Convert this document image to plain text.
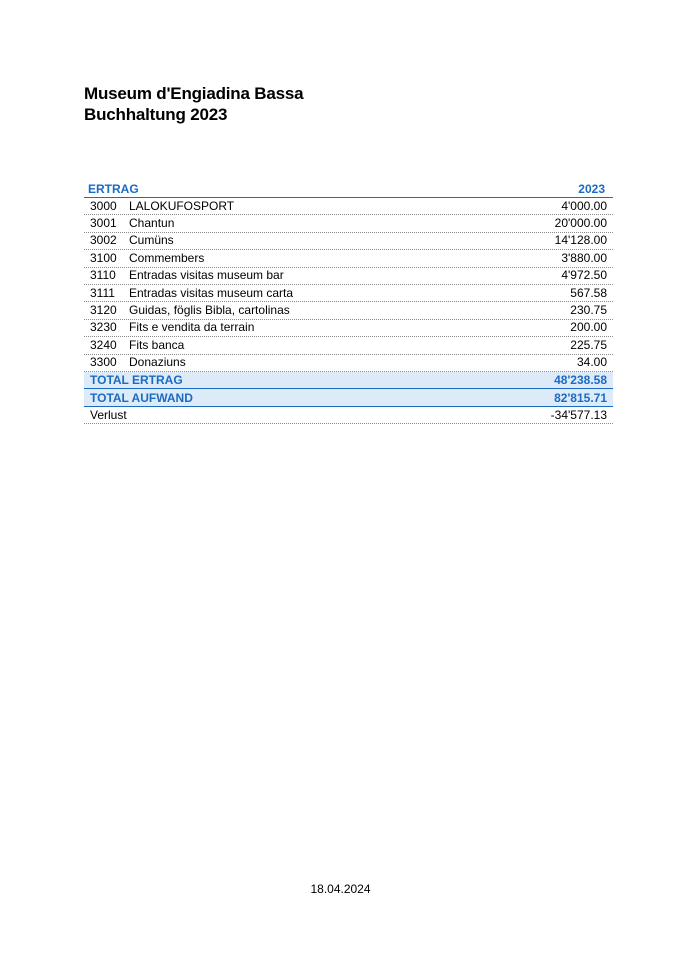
Museum d'Engiadina Bassa
Buchhaltung 2023
ERTRAG	2023
3000	LALOKUFOSPORT	4'000.00
3001	Chantun	20'000.00
3002	Cumüns	14'128.00
3100	Commembers	3'880.00
3110	Entradas visitas museum bar	4'972.50
3111	Entradas visitas museum carta	567.58
3120	Guidas, föglis Bibla, cartolinas	230.75
3230	Fits e vendita da terrain	200.00
3240	Fits banca	225.75
3300	Donaziuns	34.00
TOTAL ERTRAG	48'238.58
TOTAL AUFWAND	82'815.71
Verlust	-34'577.13
18.04.2024
